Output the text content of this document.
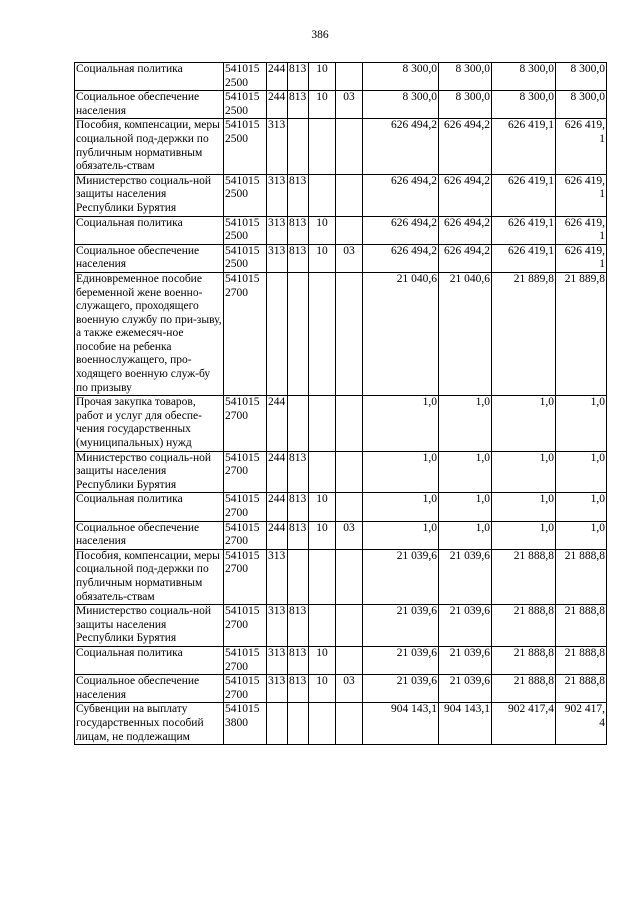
386
Социальная политика	541015 2500	244	813	10		8 300,0	8 300,0	8 300,0	8 300,0
Социальное обеспечение населения	541015 2500	244	813	10	03	8 300,0	8 300,0	8 300,0	8 300,0
Пособия, компенсации, меры социальной под-держки по публичным нормативным обязатель-ствам	541015 2500	313				626 494,2	626 494,2	626 419,1	626 419, 1
Министерство социаль-ной защиты населения Республики Бурятия	541015 2500	313	813			626 494,2	626 494,2	626 419,1	626 419, 1
Социальная политика	541015 2500	313	813	10		626 494,2	626 494,2	626 419,1	626 419, 1
Социальное обеспечение населения	541015 2500	313	813	10	03	626 494,2	626 494,2	626 419,1	626 419, 1
Единовременное пособие беременной жене военно-служащего, проходящего военную службу по при-зыву, а также ежемесяч-ное пособие на ребенка военнослужащего, про-ходящего военную служ-бу по призыву	541015 2700					21 040,6	21 040,6	21 889,8	21 889,8
Прочая закупка товаров, работ и услуг для обеспе-чения государственных (муниципальных) нужд	541015 2700	244				1,0	1,0	1,0	1,0
Министерство социаль-ной защиты населения Республики Бурятия	541015 2700	244	813			1,0	1,0	1,0	1,0
Социальная политика	541015 2700	244	813	10		1,0	1,0	1,0	1,0
Социальное обеспечение населения	541015 2700	244	813	10	03	1,0	1,0	1,0	1,0
Пособия, компенсации, меры социальной под-держки по публичным нормативным обязатель-ствам	541015 2700	313				21 039,6	21 039,6	21 888,8	21 888,8
Министерство социаль-ной защиты населения Республики Бурятия	541015 2700	313	813			21 039,6	21 039,6	21 888,8	21 888,8
Социальная политика	541015 2700	313	813	10		21 039,6	21 039,6	21 888,8	21 888,8
Социальное обеспечение населения	541015 2700	313	813	10	03	21 039,6	21 039,6	21 888,8	21 888,8
Субвенции на выплату государственных пособий лицам, не подлежащим	541015 3800					904 143,1	904 143,1	902 417,4	902 417, 4
